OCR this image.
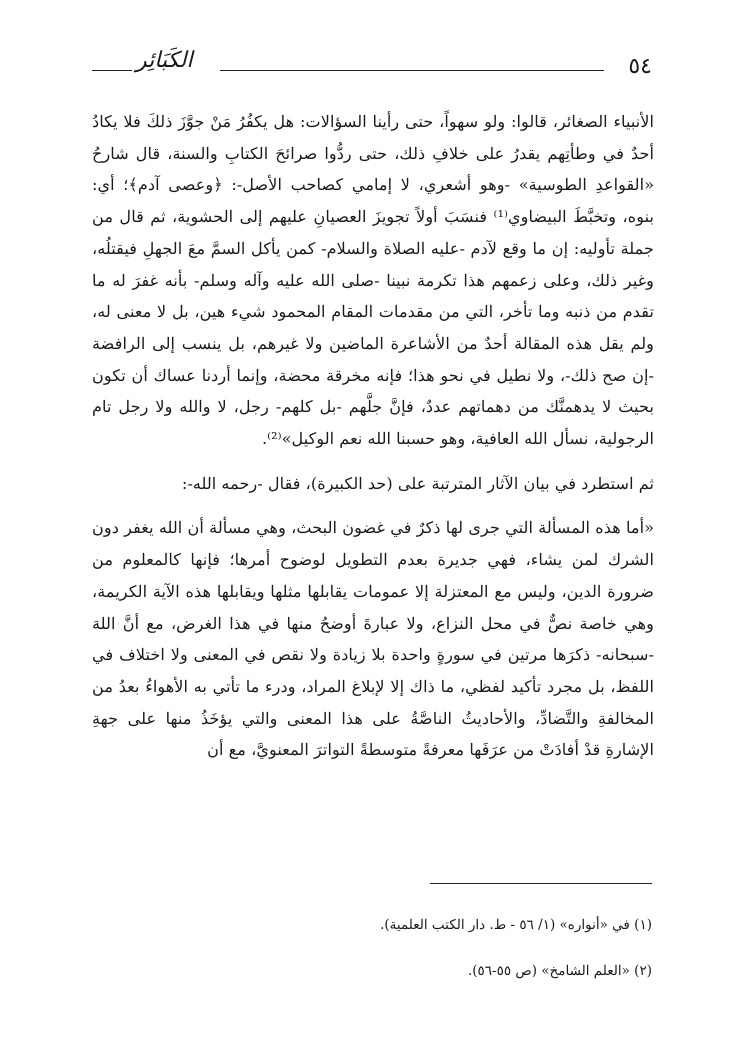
٥٤
الكَبَائِر

الأنبياء الصغائر، قالوا: ولو سهواً، حتى رأينا السؤالات: هل يكفُرُ مَنْ جوَّزَ ذلكَ فلا يكادُ أحدٌ في وطأتِهم يقدرُ على خلافِ ذلك، حتى ردُّوا صرائحَ الكتابِ والسنة، قال شارحُ «القواعدِ الطوسية» -وهو أشعري، لا إمامي كصاحب الأصل-: ﴿وعصى آدم﴾؛ أي: بنوه، وتخبَّطَ البيضاوي⁽¹⁾ فنسَبَ أولاً تجويزَ العصيانِ عليهم إلى الحشوية، ثم قال من جملة تأوليه: إن ما وقع لآدم -عليه الصلاة والسلام- كمن يأكل السمَّ معَ الجهلِ فيقتلُه، وغير ذلك، وعلى زعمهم هذا تكرمة نبينا -صلى الله عليه وآله وسلم- بأنه غفرَ له ما تقدم من ذنبه وما تأخر، التي من مقدمات المقام المحمود شيء هين، بل لا معنى له، ولم يقل هذه المقالة أحدٌ من الأشاعرة الماضين ولا غيرهم، بل ينسب إلى الرافضة -إن صح ذلك-، ولا نطيل في نحو هذا؛ فإنه مخرقة محضة، وإنما أردنا عساك أن تكون بحيث لا يدهمنَّك من دهماتهم عددٌ، فإنَّ جلَّهم -بل كلهم- رجل، لا والله ولا رجل تام الرجولية، نسأل الله العافية، وهو حسبنا الله نعم الوكيل»⁽²⁾.

ثم استطرد في بيان الآثار المترتبة على (حد الكبيرة)، فقال -رحمه الله-:

«أما هذه المسألة التي جرى لها ذكرٌ في غضون البحث، وهي مسألة أن الله يغفر دون الشرك لمن يشاء، فهي جديرة بعدم التطويل لوضوح أمرها؛ فإنها كالمعلوم من ضرورة الدين، وليس مع المعتزلة إلا عمومات يقابلها مثلها ويقابلها هذه الآية الكريمة، وهي خاصة نصٌّ في محل النزاع، ولا عبارةَ أوضحُ منها في هذا الغرض، مع أنَّ اللهَ -سبحانه- ذكرَها مرتين في سورةٍ واحدة بلا زيادة ولا نقص في المعنى ولا اختلاف في اللفظ، بل مجرد تأكيد لفظي، ما ذاك إلا لإبلاغ المراد، ودرء ما تأتي به الأهواءُ بعدُ من المخالفةِ والتَّضادِّ، والأحاديثُ الناصَّةُ على هذا المعنى والتي يؤخَذُ منها على جهةِ الإشارةِ قدْ أفادَتْ من عرَفَها معرفةً متوسطةً التواترَ المعنويَّ، مع أن

(١) في «أنواره» (١/ ٥٦ - ط. دار الكتب العلمية).

(٢) «العلم الشامخ» (ص ٥٥-٥٦).
